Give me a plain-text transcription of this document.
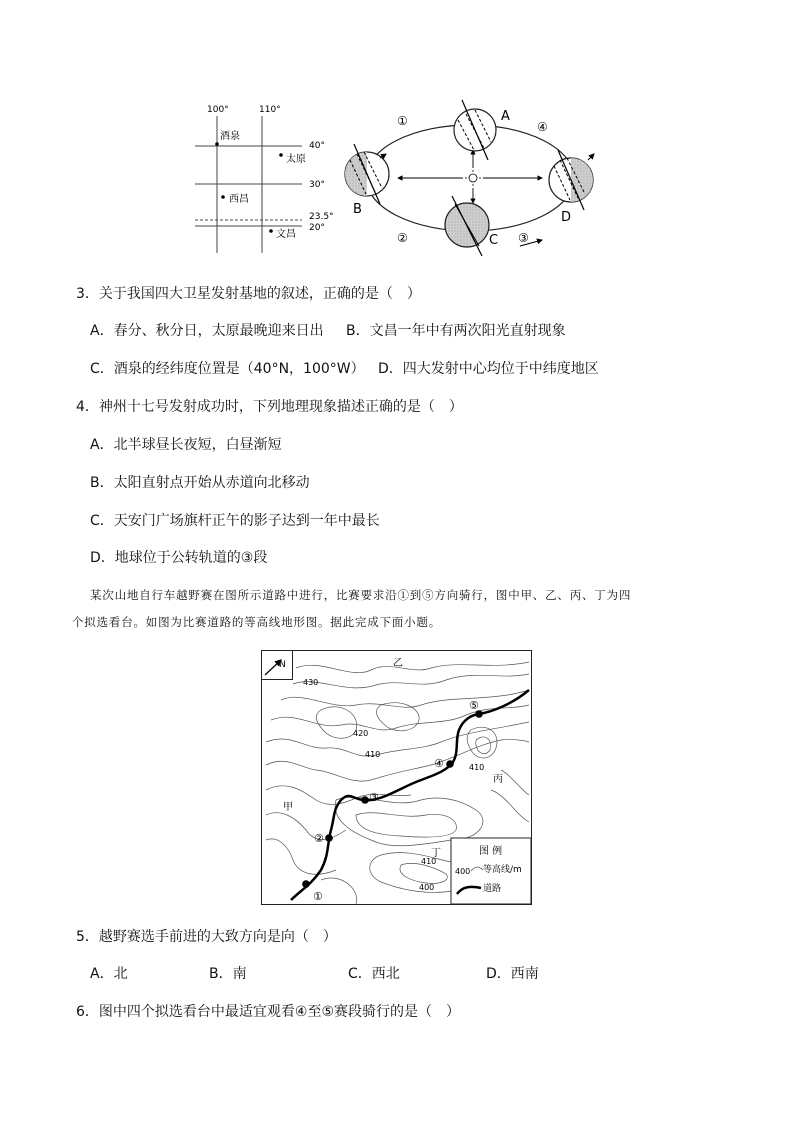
100°	110°
40°
30°
23.5°
20°
酒泉
太原
西昌
文昌
A
B
C
D
①
②	③
④
3．关于我国四大卫星发射基地的叙述，正确的是（　）
A．春分、秋分日，太原最晚迎来日出 B．文昌一年中有两次阳光直射现象
C．酒泉的经纬度位置是（40°N，100°W） D．四大发射中心均位于中纬度地区
4．神州十七号发射成功时，下列地理现象描述正确的是（　）
A．北半球昼长夜短，白昼渐短
B．太阳直射点开始从赤道向北移动
C．天安门广场旗杆正午的影子达到一年中最长
D．地球位于公转轨道的③段
某次山地自行车越野赛在图所示道路中进行，比赛要求沿①到⑤方向骑行，图中甲、乙、丙、丁为四
个拟选看台。如图为比赛道路的等高线地形图。据此完成下面小题。
N
①
②
③
④
⑤
甲
乙
丙
丁
430
420
410
410
410
400
图 例
400 等高线/m
道路
5．越野赛选手前进的大致方向是向（　）
A．北	B．南	C．西北	D．西南
6．图中四个拟选看台中最适宜观看④至⑤赛段骑行的是（　）
